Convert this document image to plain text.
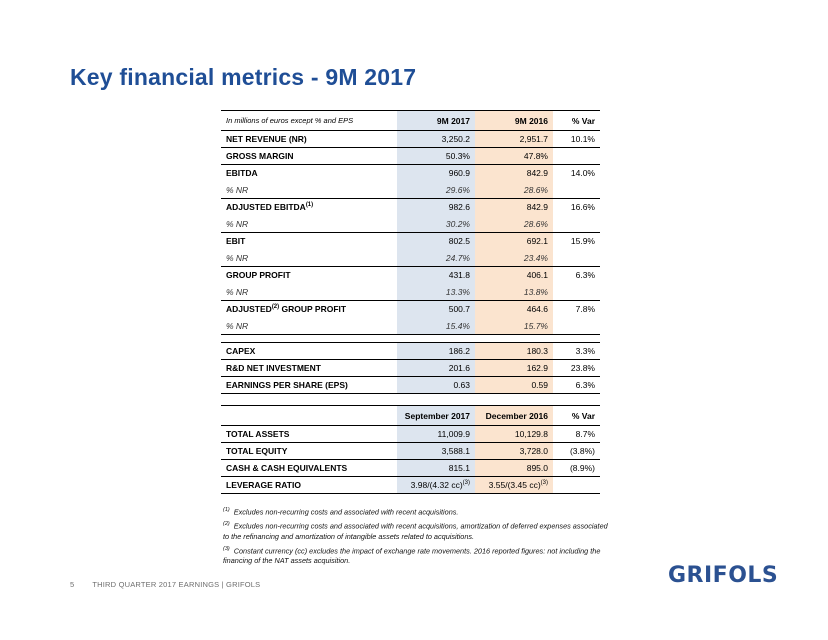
Key financial metrics - 9M 2017
In millions of euros except % and EPS	9M 2017	9M 2016	% Var
NET REVENUE (NR)	3,250.2	2,951.7	10.1%
GROSS MARGIN	50.3%	47.8%	
EBITDA	960.9	842.9	14.0%
% NR	29.6%	28.6%	
ADJUSTED EBITDA$^{(1)}$	982.6	842.9	16.6%
% NR	30.2%	28.6%	
EBIT	802.5	692.1	15.9%
% NR	24.7%	23.4%	
GROUP PROFIT	431.8	406.1	6.3%
% NR	13.3%	13.8%	
ADJUSTED$^{(2)}$ GROUP PROFIT	500.7	464.6	7.8%
% NR	15.4%	15.7%	
CAPEX	186.2	180.3	3.3%
R&D NET INVESTMENT	201.6	162.9	23.8%
EARNINGS PER SHARE (EPS)	0.63	0.59	6.3%
	September 2017	December 2016	% Var
TOTAL ASSETS	11,009.9	10,129.8	8.7%
TOTAL EQUITY	3,588.1	3,728.0	(3.8%)
CASH & CASH EQUIVALENTS	815.1	895.0	(8.9%)
LEVERAGE RATIO	3.98/(4.32 cc)$^{(3)}$	3.55/(3.45 cc)$^{(3)}$	

$^{(1)}$ Excludes non-recurring costs and associated with recent acquisitions.

$^{(2)}$ Excludes non-recurring costs and associated with recent acquisitions, amortization of deferred expenses associated to the refinancing and amortization of intangible assets related to acquisitions.

$^{(3)}$ Constant currency (cc) excludes the impact of exchange rate movements. 2016 reported figures: not including the financing of the NAT assets acquisition.

5 THIRD QUARTER 2017 EARNINGS | GRIFOLS	GRIFOLS
